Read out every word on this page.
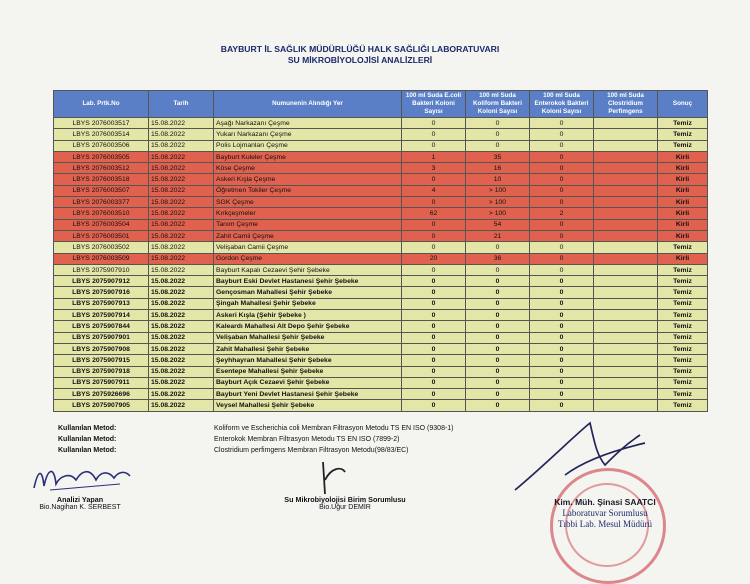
BAYBURT İL SAĞLIK MÜDÜRLÜĞÜ HALK SAĞLIĞI LABORATUVARI
SU MİKROBİYOLOJİSİ ANALİZLERİ
Lab. Prtk.No	Tarih	Numunenin Alındığı Yer	100 ml Suda E.coli Bakteri Koloni Sayısı	100 ml Suda Koliform Bakteri Koloni Sayısı	100 ml Suda Enterokok Bakteri Koloni Sayısı	100 ml Suda Clostridium Perfimgens	Sonuç
LBYS 2076003517	15.08.2022	Aşağı Narkazanı Çeşme	0	0	0		Temiz
LBYS 2076003514	15.08.2022	Yukarı Narkazanı Çeşme	0	0	0		Temiz
LBYS 2076003506	15.08.2022	Polis Lojmanları Çeşme	0	0	0		Temiz
LBYS 2076003505	15.08.2022	Bayburt Kuleler Çeşme	1	35	0		Kirli
LBYS 2076003512	15.08.2022	Köse Çeşme	3	16	0		Kirli
LBYS 2076003518	15.08.2022	Askeri Kışla Çeşme	0	10	0		Kirli
LBYS 2076003507	15.08.2022	Öğretmen Tokiler Çeşme	4	> 100	0		Kirli
LBYS 2076003377	15.08.2022	SGK Çeşme	0	> 100	0		Kirli
LBYS 2076003510	15.08.2022	Kırkçeşmeler	62	> 100	2		Kirli
LBYS 2076003504	15.08.2022	Tanım Çeşme	0	54	0		Kirli
LBYS 2076003501	15.08.2022	Zahit Camii Çeşme	0	21	0		Kirli
LBYS 2076003502	15.08.2022	Velişaban Camii Çeşme	0	0	0		Temiz
LBYS 2076003509	15.08.2022	Gordon Çeşme	20	36	0		Kirli
LBYS 2075907910	15.08.2022	Bayburt Kapalı Cezaevi Şehir Şebeke	0	0	0		Temiz
LBYS 2075907912	15.08.2022	Bayburt Eski Devlet Hastanesi Şehir Şebeke	0	0	0		Temiz
LBYS 2075907916	15.08.2022	Gençosman Mahallesi Şehir Şebeke	0	0	0		Temiz
LBYS 2075907913	15.08.2022	Şingah Mahallesi Şehir Şebeke	0	0	0		Temiz
LBYS 2075907914	15.08.2022	Askeri Kışla (Şehir Şebeke )	0	0	0		Temiz
LBYS 2075907844	15.08.2022	Kaleardı Mahallesi Alt Depo Şehir Şebeke	0	0	0		Temiz
LBYS 2075907901	15.08.2022	Velişaban Mahallesi Şehir Şebeke	0	0	0		Temiz
LBYS 2075907908	15.08.2022	Zahit Mahallesi Şehir Şebeke	0	0	0		Temiz
LBYS 2075907915	15.08.2022	Şeyhhayran Mahallesi Şehir Şebeke	0	0	0		Temiz
LBYS 2075907918	15.08.2022	Esentepe Mahallesi Şehir Şebeke	0	0	0		Temiz
LBYS 2075907911	15.08.2022	Bayburt Açık Cezaevi Şehir Şebeke	0	0	0		Temiz
LBYS 2075926696	15.08.2022	Bayburt Yeni Devlet Hastanesi Şehir Şebeke	0	0	0		Temiz
LBYS 2075907905	15.08.2022	Veysel Mahallesi Şehir Şebeke	0	0	0		Temiz
Kullanılan Metod:	Koliform ve Escherichia coli Membran Filtrasyon Metodu TS EN ISO (9308-1)
Kullanılan Metod:	Enterokok Membran Filtrasyon Metodu TS EN ISO (7899-2)
Kullanılan Metod:	Clostridium perfimgens Membran Filtrasyon Metodu(98/83/EC)
Analizi Yapan
Bio.Nagihan K. SERBEST
Su Mikrobiyolojisi Birim Sorumlusu
Bio.Uğur DEMİR
Kim. Müh. Şinasi SAATCI
Laboratuvar Sorumlusu
Tıbbi Lab. Mesul Müdürü
